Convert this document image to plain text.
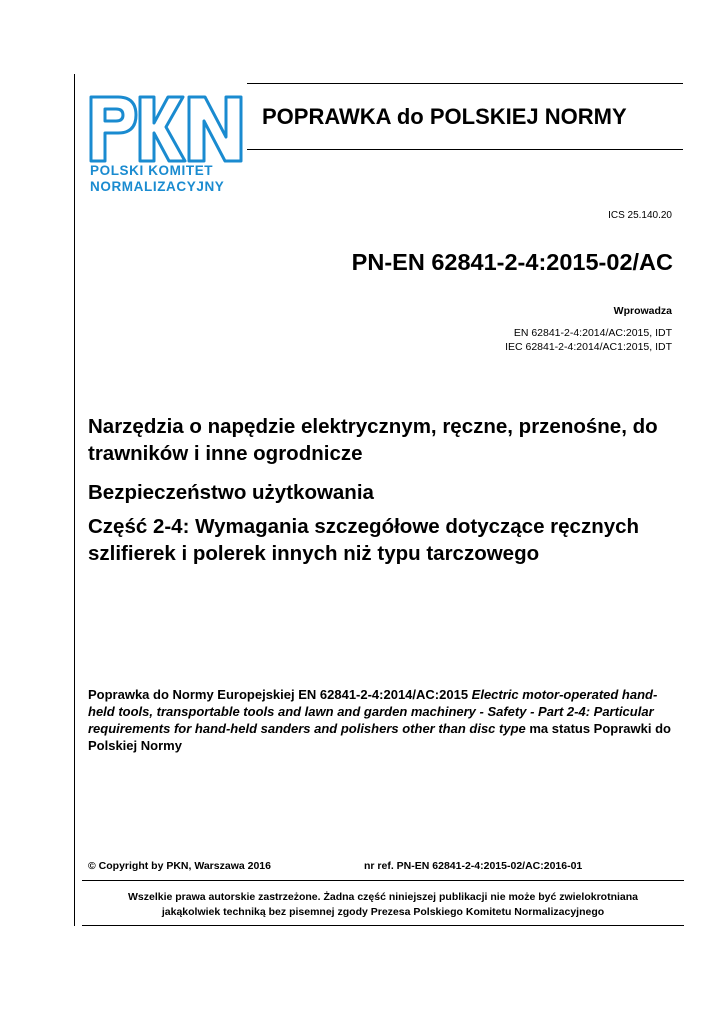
POLSKI KOMITET
NORMALIZACYJNY
POPRAWKA do POLSKIEJ NORMY
ICS 25.140.20
PN-EN 62841-2-4:2015-02/AC
Wprowadza
EN 62841-2-4:2014/AC:2015, IDT
IEC 62841-2-4:2014/AC1:2015, IDT

Narzędzia o napędzie elektrycznym, ręczne, przenośne, do trawników i inne ogrodnicze

Bezpieczeństwo użytkowania

Część 2-4: Wymagania szczegółowe dotyczące ręcznych szlifierek i polerek innych niż typu tarczowego

Poprawka do Normy Europejskiej EN 62841-2-4:2014/AC:2015 Electric motor-operated hand-held tools, transportable tools and lawn and garden machinery - Safety - Part 2-4: Particular requirements for hand-held sanders and polishers other than disc type ma status Poprawki do Polskiej Normy

© Copyright by PKN, Warszawa 2016	nr ref. PN-EN 62841-2-4:2015-02/AC:2016-01
Wszelkie prawa autorskie zastrzeżone. Żadna część niniejszej publikacji nie może być zwielokrotniana
jakąkolwiek techniką bez pisemnej zgody Prezesa Polskiego Komitetu Normalizacyjnego
